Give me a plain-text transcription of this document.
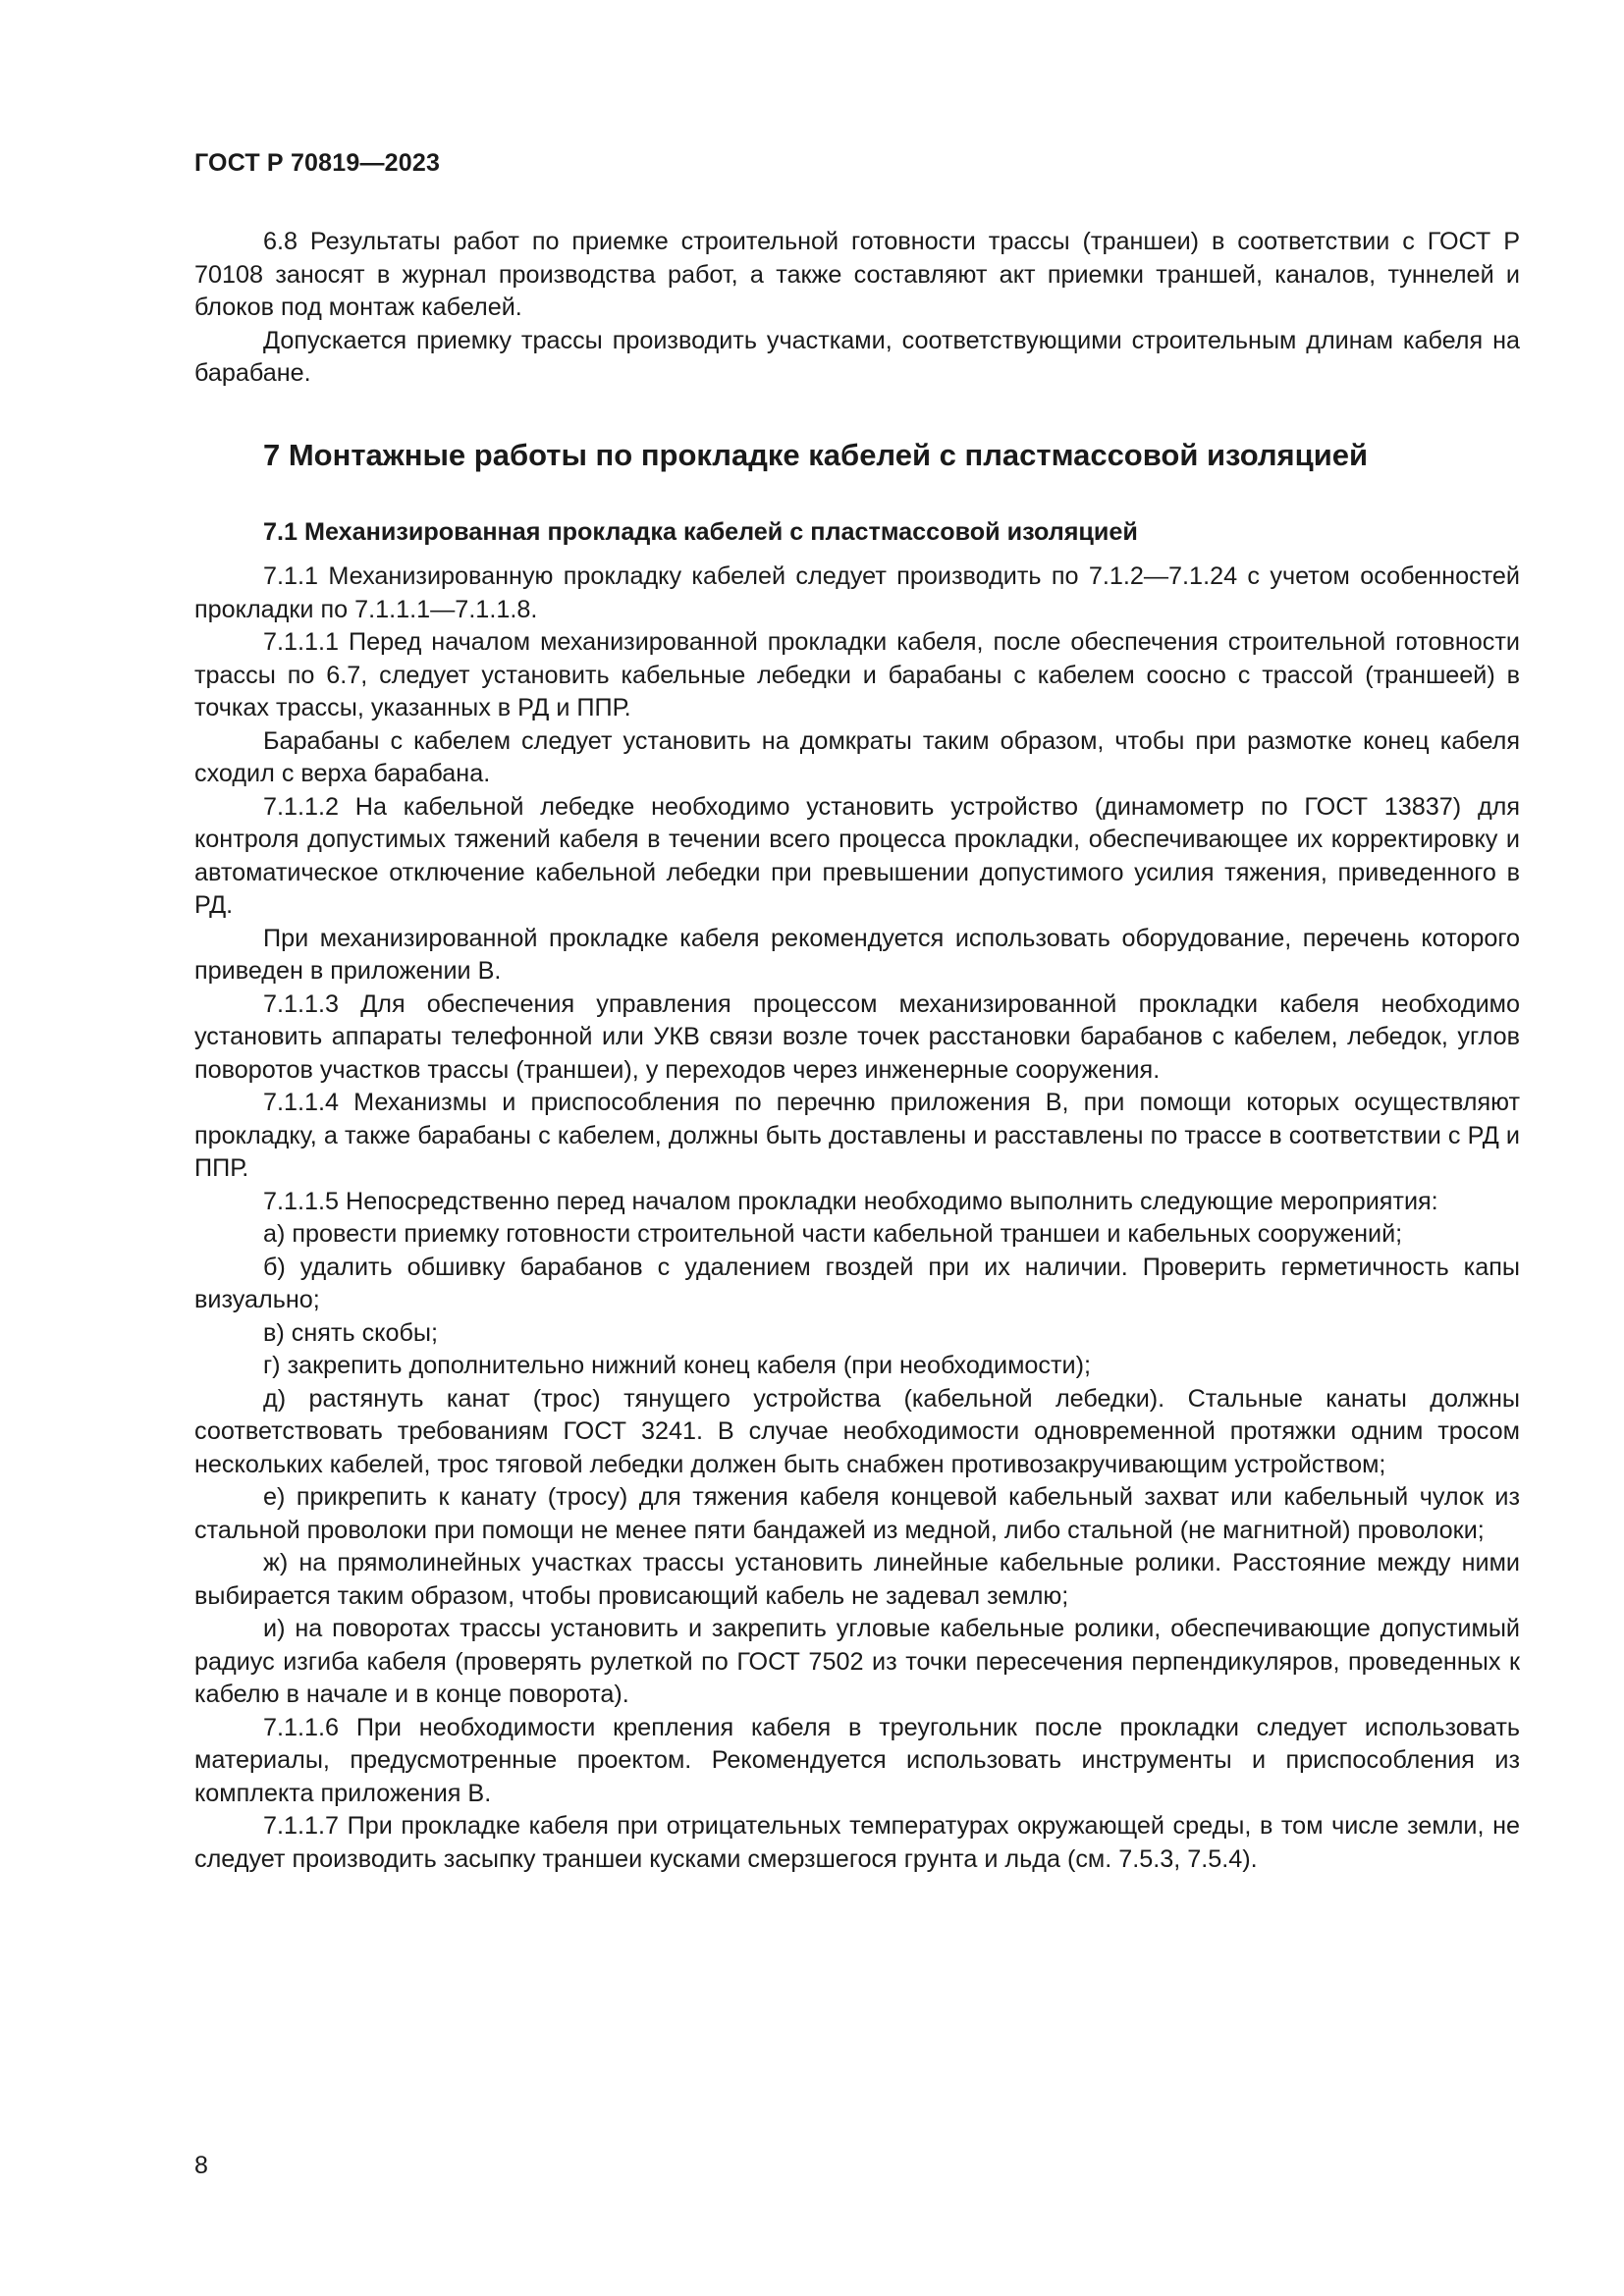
ГОСТ Р 70819—2023

6.8 Результаты работ по приемке строительной готовности трассы (траншеи) в соответствии с ГОСТ Р 70108 заносят в журнал производства работ, а также составляют акт приемки траншей, каналов, туннелей и блоков под монтаж кабелей.

Допускается приемку трассы производить участками, соответствующими строительным длинам кабеля на барабане.

7 Монтажные работы по прокладке кабелей с пластмассовой изоляцией
7.1 Механизированная прокладка кабелей с пластмассовой изоляцией

7.1.1 Механизированную прокладку кабелей следует производить по 7.1.2—7.1.24 с учетом особенностей прокладки по 7.1.1.1—7.1.1.8.

7.1.1.1 Перед началом механизированной прокладки кабеля, после обеспечения строительной готовности трассы по 6.7, следует установить кабельные лебедки и барабаны с кабелем соосно с трассой (траншеей) в точках трассы, указанных в РД и ППР.

Барабаны с кабелем следует установить на домкраты таким образом, чтобы при размотке конец кабеля сходил с верха барабана.

7.1.1.2 На кабельной лебедке необходимо установить устройство (динамометр по ГОСТ 13837) для контроля допустимых тяжений кабеля в течении всего процесса прокладки, обеспечивающее их корректировку и автоматическое отключение кабельной лебедки при превышении допустимого усилия тяжения, приведенного в РД.

При механизированной прокладке кабеля рекомендуется использовать оборудование, перечень которого приведен в приложении В.

7.1.1.3 Для обеспечения управления процессом механизированной прокладки кабеля необходимо установить аппараты телефонной или УКВ связи возле точек расстановки барабанов с кабелем, лебедок, углов поворотов участков трассы (траншеи), у переходов через инженерные сооружения.

7.1.1.4 Механизмы и приспособления по перечню приложения В, при помощи которых осуществляют прокладку, а также барабаны с кабелем, должны быть доставлены и расставлены по трассе в соответствии с РД и ППР.

7.1.1.5 Непосредственно перед началом прокладки необходимо выполнить следующие мероприятия:

а) провести приемку готовности строительной части кабельной траншеи и кабельных сооружений;

б) удалить обшивку барабанов с удалением гвоздей при их наличии. Проверить герметичность капы визуально;

в) снять скобы;

г) закрепить дополнительно нижний конец кабеля (при необходимости);

д) растянуть канат (трос) тянущего устройства (кабельной лебедки). Стальные канаты должны соответствовать требованиям ГОСТ 3241. В случае необходимости одновременной протяжки одним тросом нескольких кабелей, трос тяговой лебедки должен быть снабжен противозакручивающим устройством;

е) прикрепить к канату (тросу) для тяжения кабеля концевой кабельный захват или кабельный чулок из стальной проволоки при помощи не менее пяти бандажей из медной, либо стальной (не магнитной) проволоки;

ж) на прямолинейных участках трассы установить линейные кабельные ролики. Расстояние между ними выбирается таким образом, чтобы провисающий кабель не задевал землю;

и) на поворотах трассы установить и закрепить угловые кабельные ролики, обеспечивающие допустимый радиус изгиба кабеля (проверять рулеткой по ГОСТ 7502 из точки пересечения перпендикуляров, проведенных к кабелю в начале и в конце поворота).

7.1.1.6 При необходимости крепления кабеля в треугольник после прокладки следует использовать материалы, предусмотренные проектом. Рекомендуется использовать инструменты и приспособления из комплекта приложения В.

7.1.1.7 При прокладке кабеля при отрицательных температурах окружающей среды, в том числе земли, не следует производить засыпку траншеи кусками смерзшегося грунта и льда (см. 7.5.3, 7.5.4).

8
